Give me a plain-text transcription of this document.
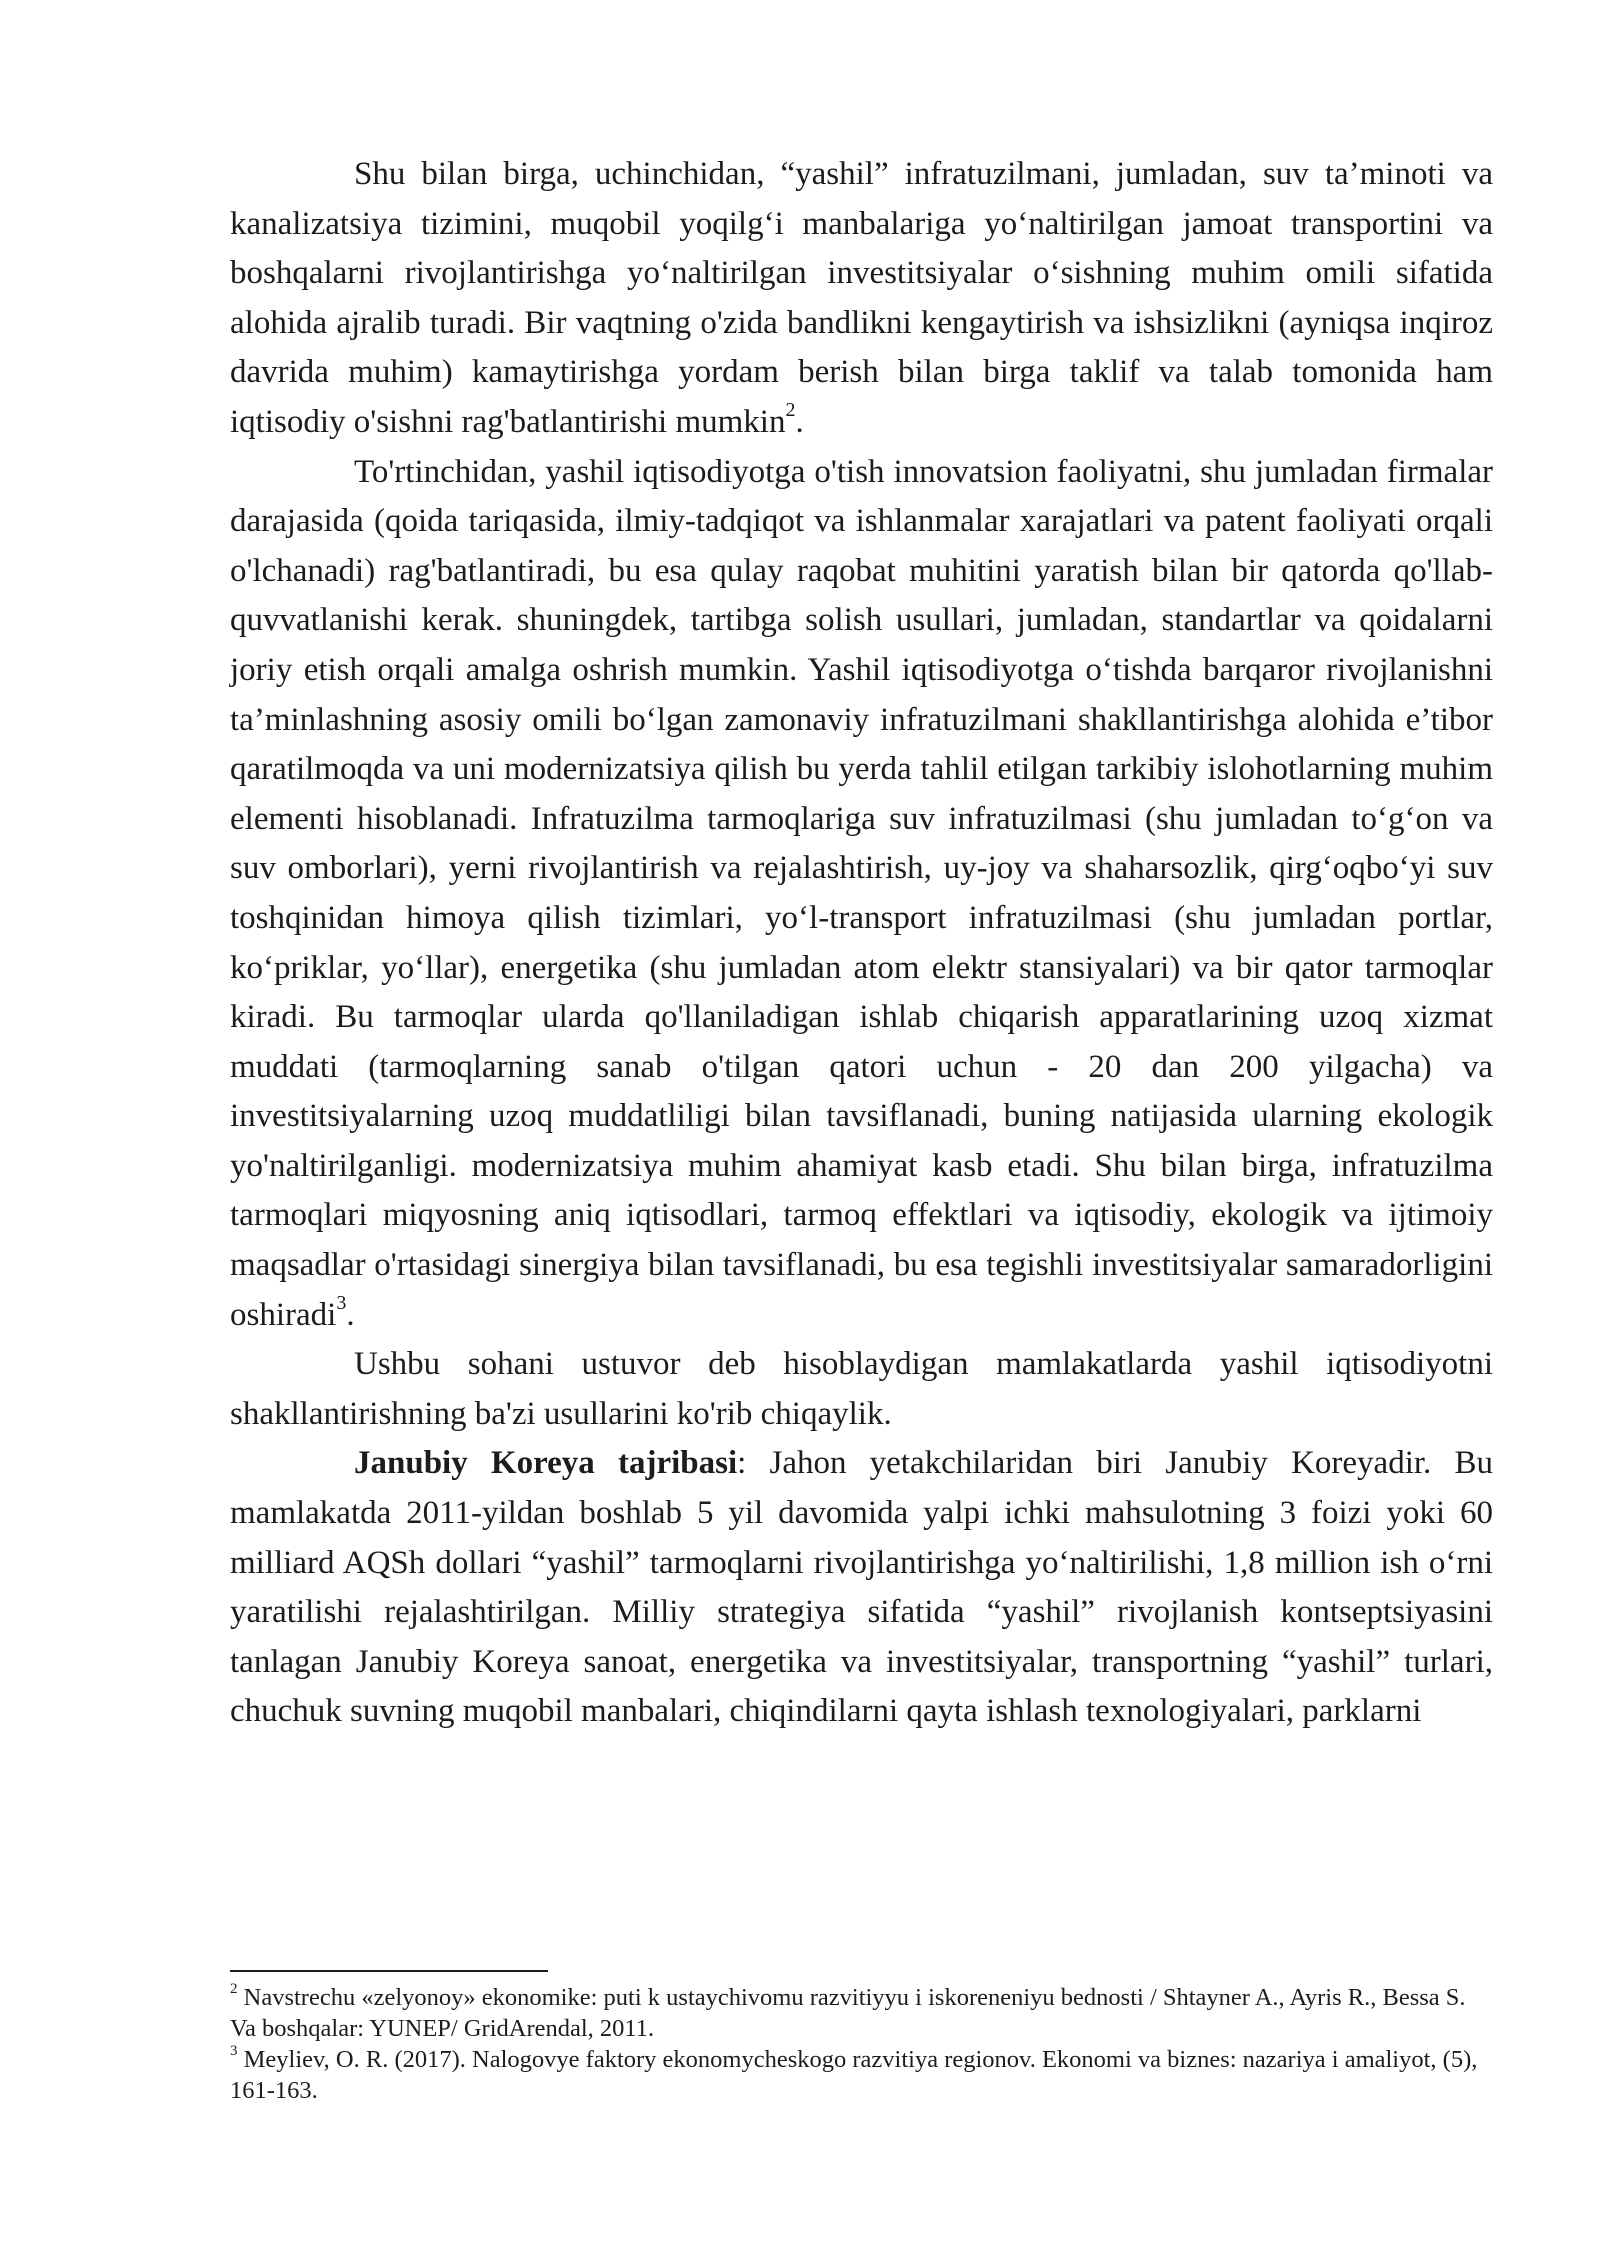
Shu bilan birga, uchinchidan, “yashil” infratuzilmani, jumladan, suv ta’minoti va kanalizatsiya tizimini, muqobil yoqilg‘i manbalariga yo‘naltirilgan jamoat transportini va boshqalarni rivojlantirishga yo‘naltirilgan investitsiyalar o‘sishning muhim omili sifatida alohida ajralib turadi. Bir vaqtning o'zida bandlikni kengaytirish va ishsizlikni (ayniqsa inqiroz davrida muhim) kamaytirishga yordam berish bilan birga taklif va talab tomonida ham iqtisodiy o'sishni rag'batlantirishi mumkin$^2$.

To'rtinchidan, yashil iqtisodiyotga o'tish innovatsion faoliyatni, shu jumladan firmalar darajasida (qoida tariqasida, ilmiy-tadqiqot va ishlanmalar xarajatlari va patent faoliyati orqali o'lchanadi) rag'batlantiradi, bu esa qulay raqobat muhitini yaratish bilan bir qatorda qo'llab-quvvatlanishi kerak. shuningdek, tartibga solish usullari, jumladan, standartlar va qoidalarni joriy etish orqali amalga oshrish mumkin. Yashil iqtisodiyotga o‘tishda barqaror rivojlanishni ta’minlashning asosiy omili bo‘lgan zamonaviy infratuzilmani shakllantirishga alohida e’tibor qaratilmoqda va uni modernizatsiya qilish bu yerda tahlil etilgan tarkibiy islohotlarning muhim elementi hisoblanadi. Infratuzilma tarmoqlariga suv infratuzilmasi (shu jumladan to‘g‘on va suv omborlari), yerni rivojlantirish va rejalashtirish, uy-joy va shaharsozlik, qirg‘oqbo‘yi suv toshqinidan himoya qilish tizimlari, yo‘l-transport infratuzilmasi (shu jumladan portlar, ko‘priklar, yo‘llar), energetika (shu jumladan atom elektr stansiyalari) va bir qator tarmoqlar kiradi. Bu tarmoqlar ularda qo'llaniladigan ishlab chiqarish apparatlarining uzoq xizmat muddati (tarmoqlarning sanab o'tilgan qatori uchun - 20 dan 200 yilgacha) va investitsiyalarning uzoq muddatliligi bilan tavsiflanadi, buning natijasida ularning ekologik yo'naltirilganligi. modernizatsiya muhim ahamiyat kasb etadi. Shu bilan birga, infratuzilma tarmoqlari miqyosning aniq iqtisodlari, tarmoq effektlari va iqtisodiy, ekologik va ijtimoiy maqsadlar o'rtasidagi sinergiya bilan tavsiflanadi, bu esa tegishli investitsiyalar samaradorligini oshiradi$^3$.

Ushbu sohani ustuvor deb hisoblaydigan mamlakatlarda yashil iqtisodiyotni shakllantirishning ba'zi usullarini ko'rib chiqaylik.

Janubiy Koreya tajribasi: Jahon yetakchilaridan biri Janubiy Koreyadir. Bu mamlakatda 2011-yildan boshlab 5 yil davomida yalpi ichki mahsulotning 3 foizi yoki 60 milliard AQSh dollari “yashil” tarmoqlarni rivojlantirishga yo‘naltirilishi, 1,8 million ish o‘rni yaratilishi rejalashtirilgan. Milliy strategiya sifatida “yashil” rivojlanish kontseptsiyasini tanlagan Janubiy Koreya sanoat, energetika va investitsiyalar, transportning “yashil” turlari, chuchuk suvning muqobil manbalari, chiqindilarni qayta ishlash texnologiyalari, parklarni

$^2$ Navstrechu «zelyonoy» ekonomike: puti k ustaychivomu razvitiyyu i iskoreneniyu bednosti / Shtayner A., Ayris R., Bessa S. Va boshqalar: YUNEP/ GridArendal, 2011.

$^3$ Meyliev, O. R. (2017). Nalogovye faktory ekonomycheskogo razvitiya regionov. Ekonomi va biznes: nazariya i amaliyot, (5), 161-163.
